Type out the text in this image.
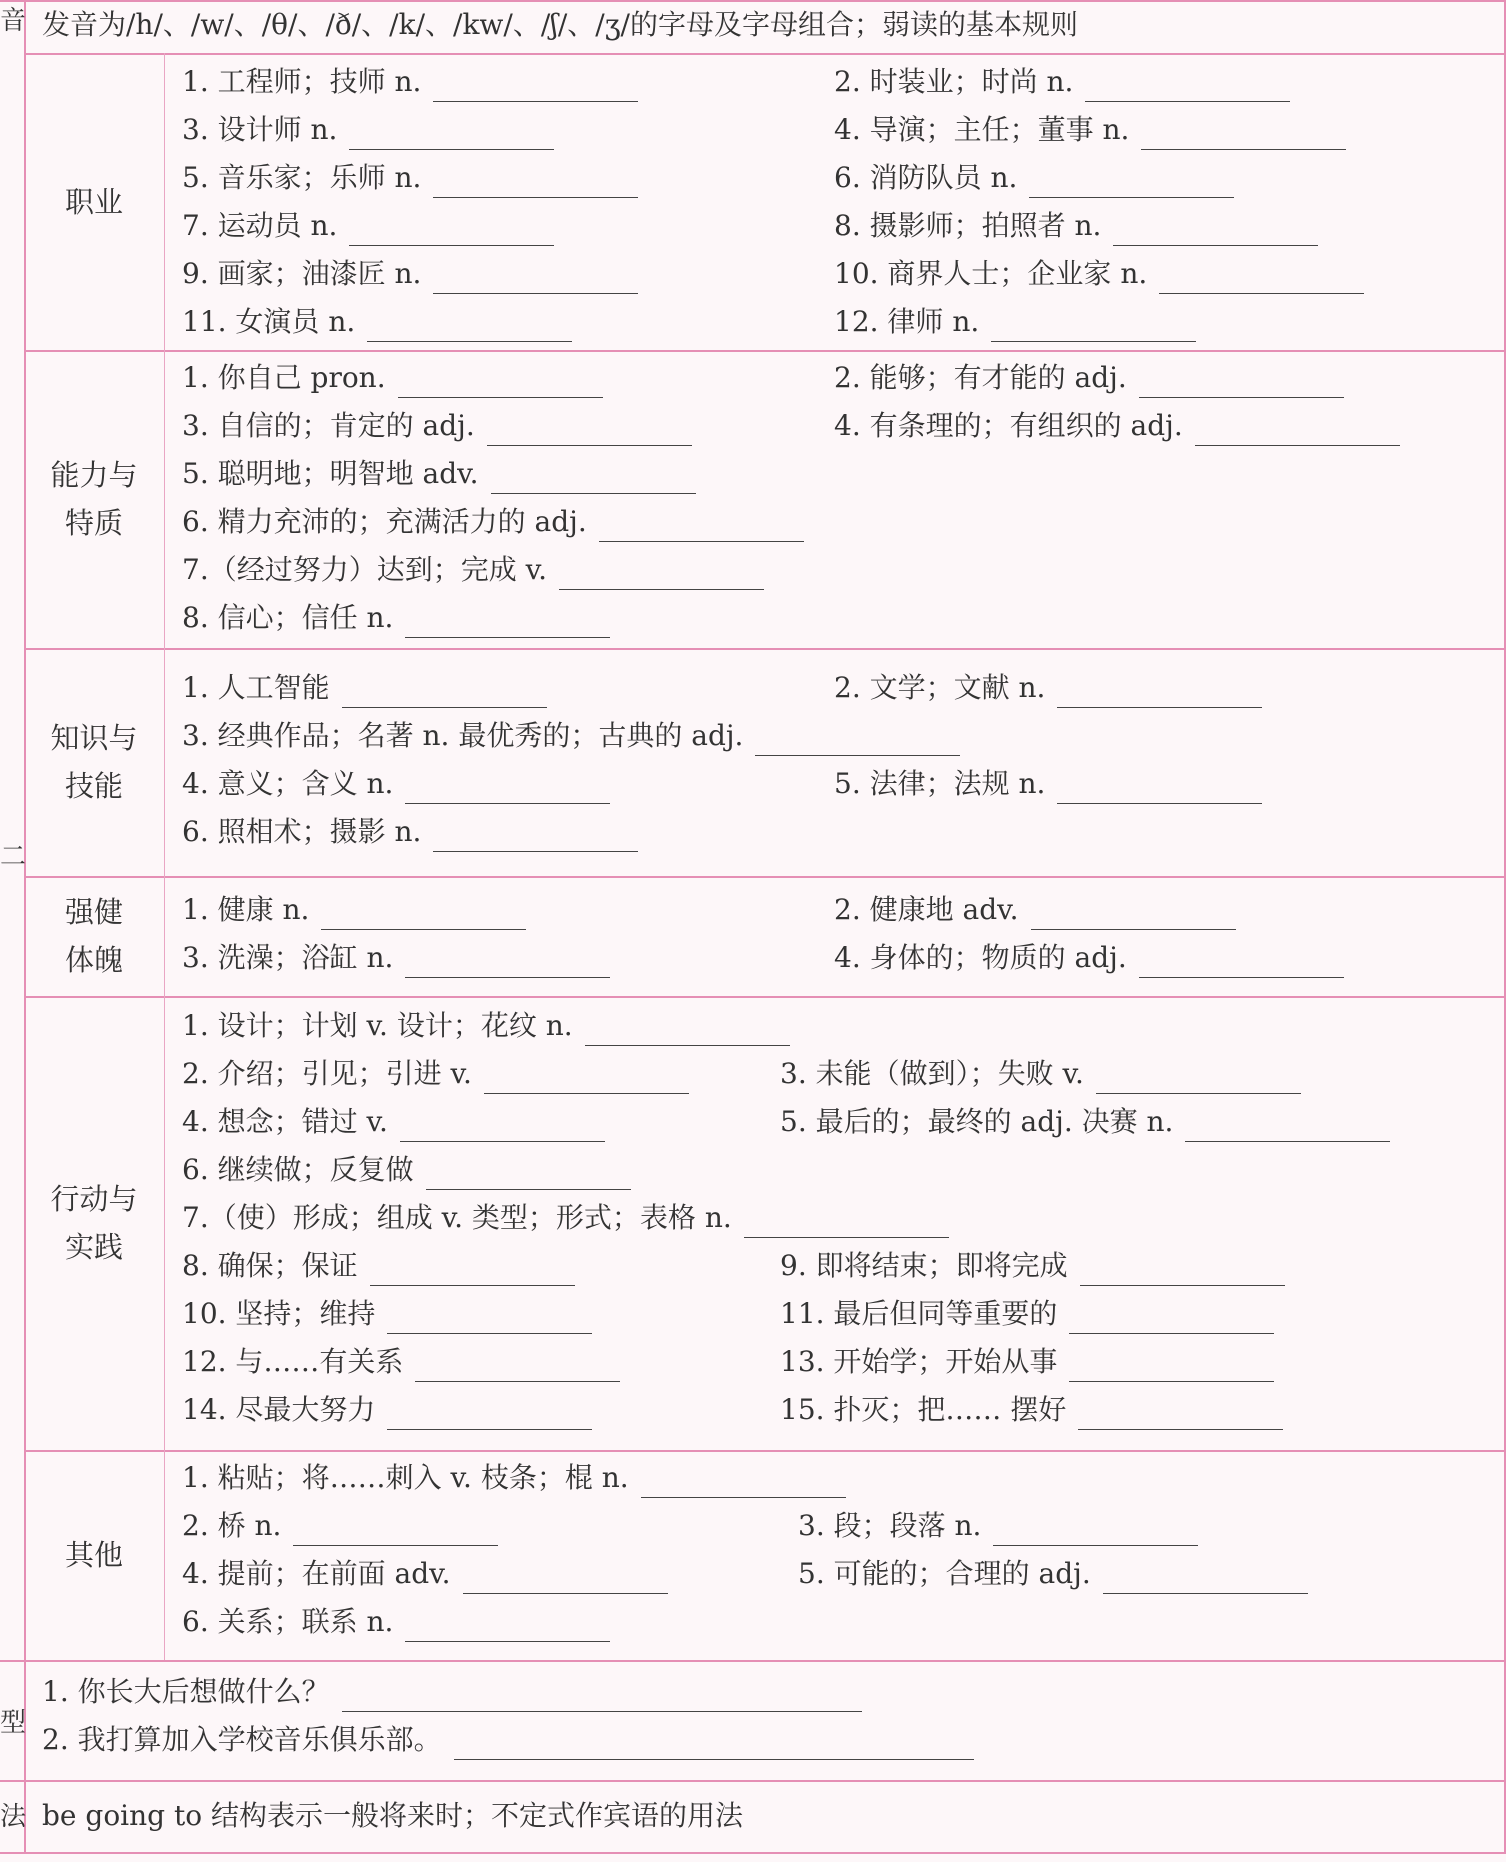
音
二
型
法
发音为/h/、/w/、/θ/、/ð/、/k/、/kw/、/ʃ/、/ʒ/的字母及字母组合；弱读的基本规则
职业
1. 工程师；技师 n.	2. 时装业；时尚 n.
3. 设计师 n.	4. 导演；主任；董事 n.
5. 音乐家；乐师 n.	6. 消防队员 n.
7. 运动员 n.	8. 摄影师；拍照者 n.
9. 画家；油漆匠 n.	10. 商界人士；企业家 n.
11. 女演员 n.	12. 律师 n.
能力与
特质
1. 你自己 pron.	2. 能够；有才能的 adj.
3. 自信的；肯定的 adj.	4. 有条理的；有组织的 adj.
5. 聪明地；明智地 adv.
6. 精力充沛的；充满活力的 adj.
7.（经过努力）达到；完成 v.
8. 信心；信任 n.
知识与
技能
1. 人工智能	2. 文学；文献 n.
3. 经典作品；名著 n. 最优秀的；古典的 adj.
4. 意义；含义 n.	5. 法律；法规 n.
6. 照相术；摄影 n.
强健
体魄
1. 健康 n.	2. 健康地 adv.
3. 洗澡；浴缸 n.	4. 身体的；物质的 adj.
行动与
实践
1. 设计；计划 v. 设计；花纹 n.
2. 介绍；引见；引进 v.	3. 未能（做到）；失败 v.
4. 想念；错过 v.	5. 最后的；最终的 adj. 决赛 n.
6. 继续做；反复做
7.（使）形成；组成 v. 类型；形式；表格 n.
8. 确保；保证	9. 即将结束；即将完成
10. 坚持；维持	11. 最后但同等重要的
12. 与……有关系	13. 开始学；开始从事
14. 尽最大努力	15. 扑灭；把…… 摆好
其他
1. 粘贴；将……刺入 v. 枝条；棍 n.
2. 桥 n.	3. 段；段落 n.
4. 提前；在前面 adv.	5. 可能的；合理的 adj.
6. 关系；联系 n.
1. 你长大后想做什么？
2. 我打算加入学校音乐俱乐部。
be going to 结构表示一般将来时；不定式作宾语的用法
